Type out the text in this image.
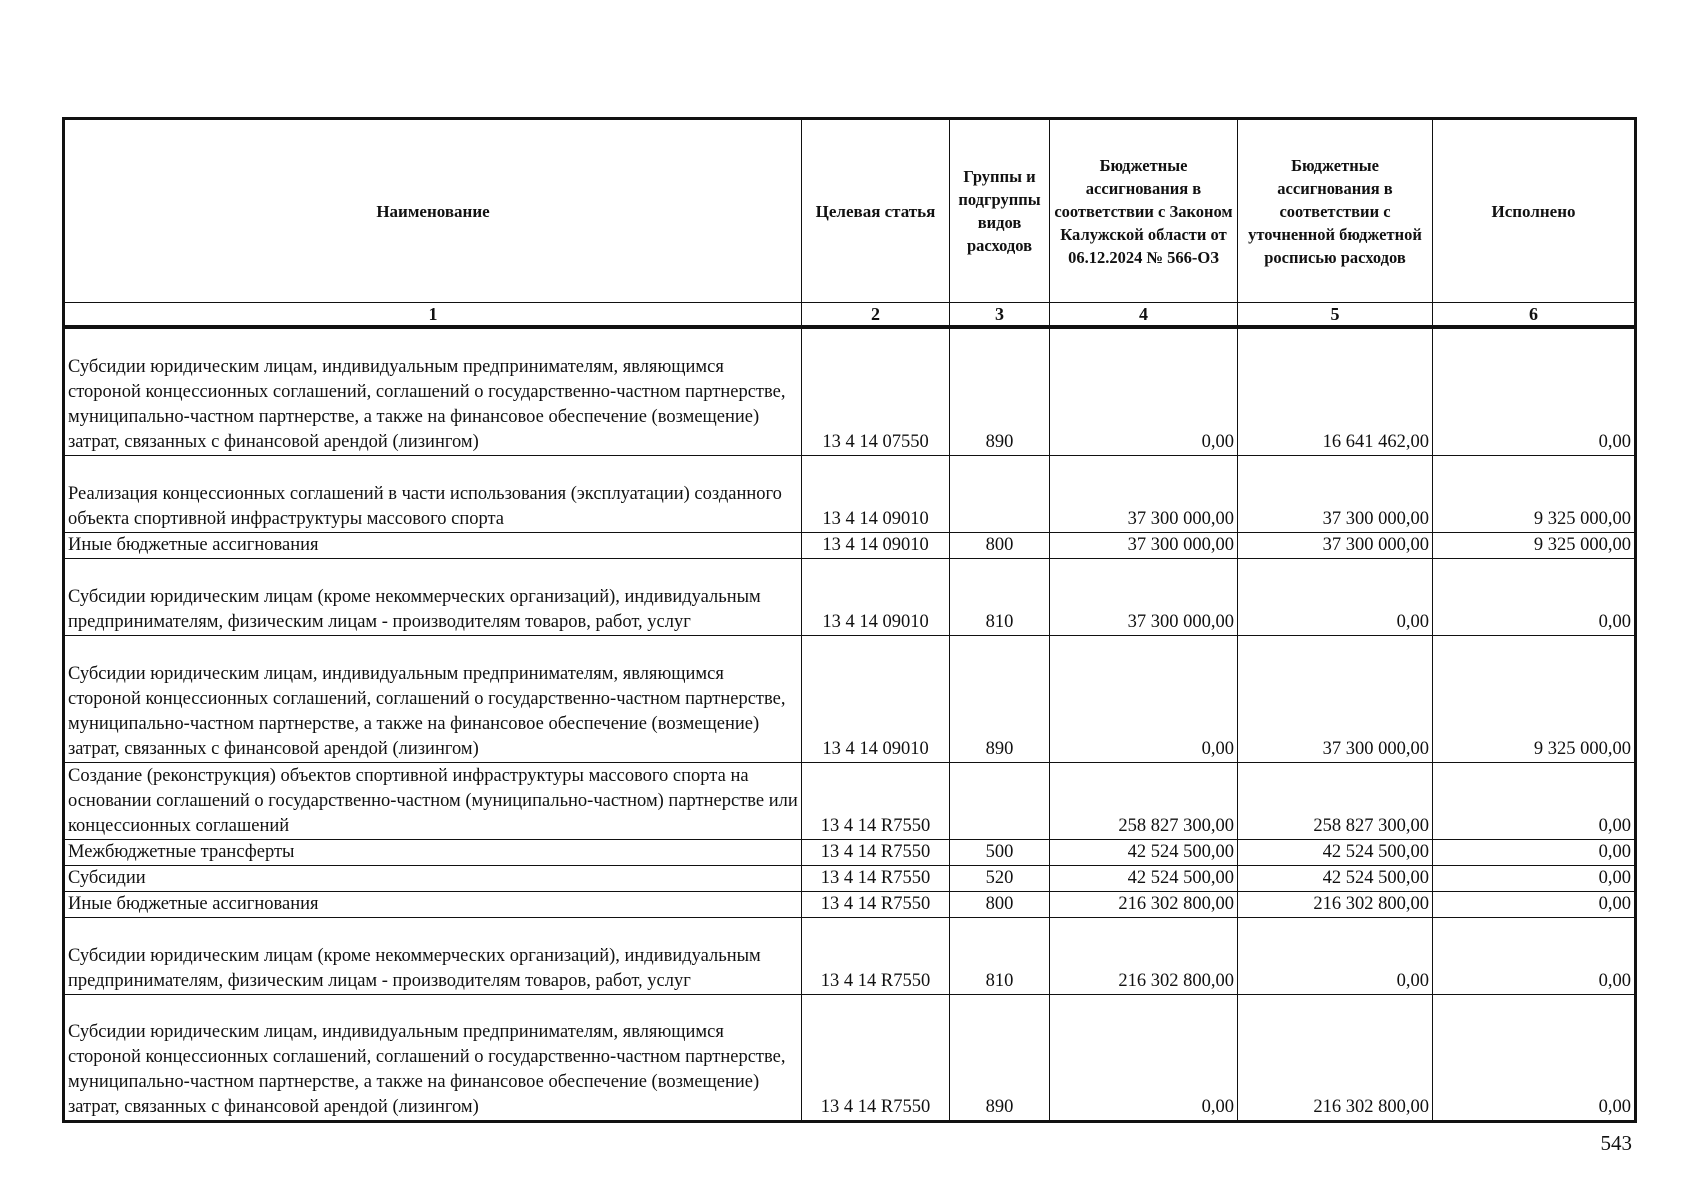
Наименование	Целевая статья	Группы и подгруппы видов расходов	Бюджетные ассигнования в соответствии с Законом Калужской области от 06.12.2024 № 566-ОЗ	Бюджетные ассигнования в соответствии с уточненной бюджетной росписью расходов	Исполнено
1	2	3	4	5	6
Субсидии юридическим лицам, индивидуальным предпринимателям, являющимся стороной концессионных соглашений, соглашений о государственно-частном партнерстве, муниципально-частном партнерстве, а также на финансовое обеспечение (возмещение) затрат, связанных с финансовой арендой (лизингом)	13 4 14 07550	890	0,00	16 641 462,00	0,00
Реализация концессионных соглашений в части использования (эксплуатации) созданного объекта спортивной инфраструктуры массового спорта	13 4 14 09010		37 300 000,00	37 300 000,00	9 325 000,00
Иные бюджетные ассигнования	13 4 14 09010	800	37 300 000,00	37 300 000,00	9 325 000,00
Субсидии юридическим лицам (кроме некоммерческих организаций), индивидуальным предпринимателям, физическим лицам - производителям товаров, работ, услуг	13 4 14 09010	810	37 300 000,00	0,00	0,00
Субсидии юридическим лицам, индивидуальным предпринимателям, являющимся стороной концессионных соглашений, соглашений о государственно-частном партнерстве, муниципально-частном партнерстве, а также на финансовое обеспечение (возмещение) затрат, связанных с финансовой арендой (лизингом)	13 4 14 09010	890	0,00	37 300 000,00	9 325 000,00
Создание (реконструкция) объектов спортивной инфраструктуры массового спорта на основании соглашений о государственно-частном (муниципально-частном) партнерстве или концессионных соглашений	13 4 14 R7550		258 827 300,00	258 827 300,00	0,00
Межбюджетные трансферты	13 4 14 R7550	500	42 524 500,00	42 524 500,00	0,00
Субсидии	13 4 14 R7550	520	42 524 500,00	42 524 500,00	0,00
Иные бюджетные ассигнования	13 4 14 R7550	800	216 302 800,00	216 302 800,00	0,00
Субсидии юридическим лицам (кроме некоммерческих организаций), индивидуальным предпринимателям, физическим лицам - производителям товаров, работ, услуг	13 4 14 R7550	810	216 302 800,00	0,00	0,00
Субсидии юридическим лицам, индивидуальным предпринимателям, являющимся стороной концессионных соглашений, соглашений о государственно-частном партнерстве, муниципально-частном партнерстве, а также на финансовое обеспечение (возмещение) затрат, связанных с финансовой арендой (лизингом)	13 4 14 R7550	890	0,00	216 302 800,00	0,00
543
